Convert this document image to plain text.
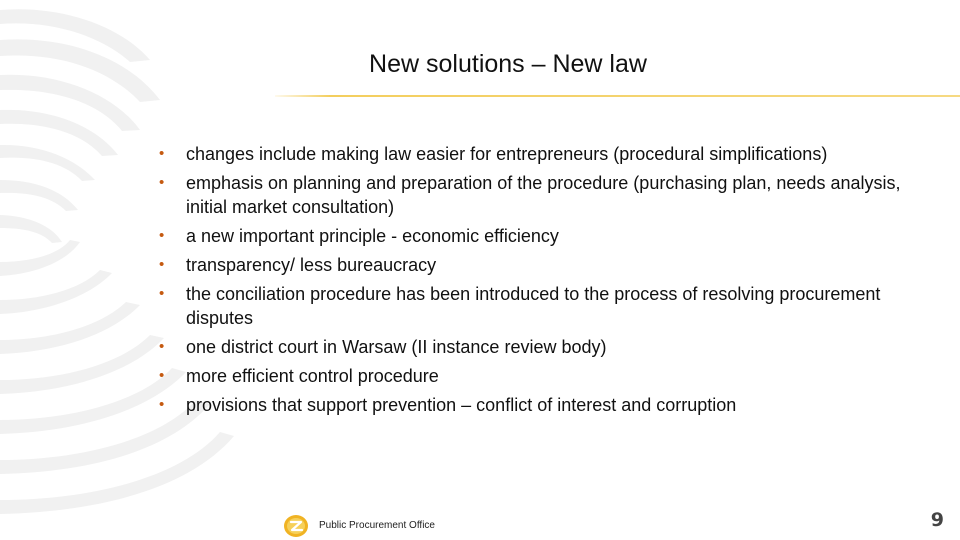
New solutions – New law
• changes include making law easier for entrepreneurs (procedural simplifications)
• emphasis on planning and preparation of the procedure (purchasing plan, needs analysis, initial market consultation)
• a new important principle - economic efficiency
• transparency/ less bureaucracy
• the conciliation procedure has been introduced to the process of resolving procurement disputes
• one district court in Warsaw (II instance review body)
• more efficient control procedure
• provisions that support prevention – conflict of interest and corruption
Public Procurement Office	9
